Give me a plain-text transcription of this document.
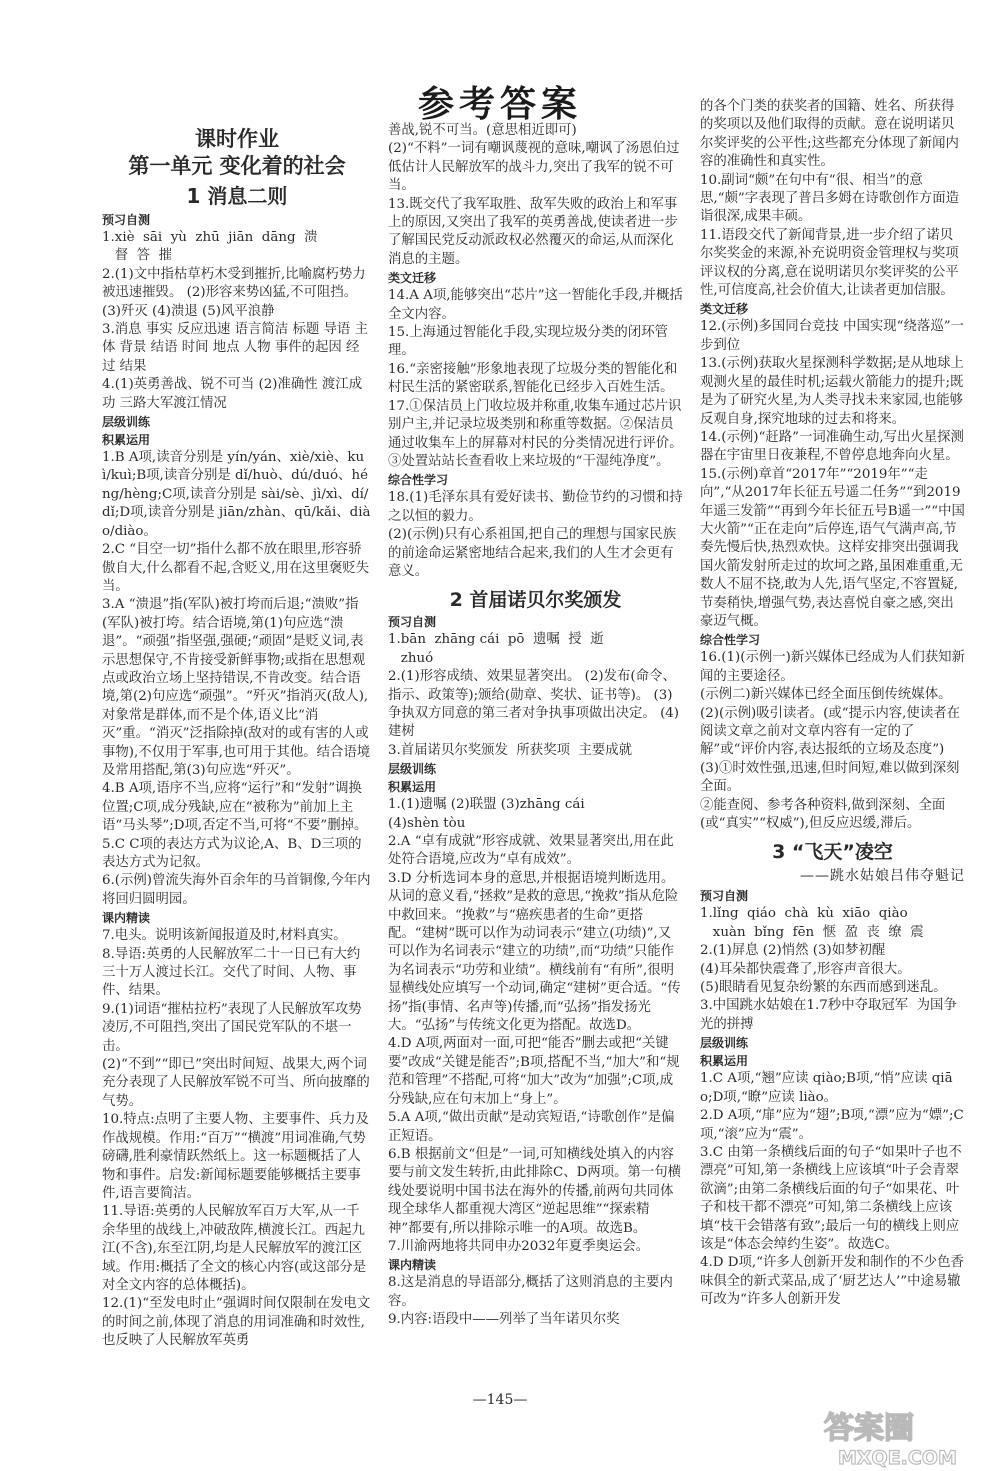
参考答案
课时作业
第一单元 变化着的社会
1 消息二则
预习自测
1.xiè  sāi  yù  zhū  jiān  dāng  溃
督  答  摧
2.(1)文中指枯草朽木受到摧折,比喻腐朽势力被迅速摧毁。 (2)形容来势凶猛,不可阻挡。 (3)歼灭 (4)溃退 (5)风平浪静
3.消息 事实 反应迅速 语言简洁 标题 导语 主体 背景 结语 时间 地点 人物 事件的起因 经过 结果
4.(1)英勇善战、锐不可当 (2)准确性 渡江成功 三路大军渡江情况
层级训练
积累运用
1.B A项,读音分别是 yín/yán、xiè/xiè、kuì/kuì;B项,读音分别是 dǐ/huò、dú/duó、héng/hèng;C项,读音分别是 sài/sè、jì/xì、dí/dǐ;D项,读音分别是 jiān/zhàn、qū/kǎi、diào/diào。
2.C “目空一切”指什么都不放在眼里,形容骄傲自大,什么都看不起,含贬义,用在这里褒贬失当。
3.A “溃退”指(军队)被打垮而后退;“溃败”指(军队)被打垮。结合语境,第(1)句应选“溃退”。“顽强”指坚强,强硬;“顽固”是贬义词,表示思想保守,不肯接受新鲜事物;或指在思想观点或政治立场上坚持错误,不肯改变。结合语境,第(2)句应选“顽强”。“歼灭”指消灭(敌人),对象常是群体,而不是个体,语义比“消灭”重。“消灭”泛指除掉(敌对的或有害的人或事物),不仅用于军事,也可用于其他。结合语境及常用搭配,第(3)句应选“歼灭”。
4.B A项,语序不当,应将“运行”和“发射”调换位置;C项,成分残缺,应在“被称为”前加上主语“马头琴”;D项,否定不当,可将“不要”删掉。
5.C C项的表达方式为议论,A、B、D三项的表达方式为记叙。
6.(示例)曾流失海外百余年的马首铜像,今年内将回归圆明园。
课内精读
7.电头。说明该新闻报道及时,材料真实。
8.导语:英勇的人民解放军二十一日已有大约三十万人渡过长江。交代了时间、人物、事件、结果。
9.(1)词语“摧枯拉朽”表现了人民解放军攻势凌厉,不可阻挡,突出了国民党军队的不堪一击。
(2)“不到”“即已”突出时间短、战果大,两个词充分表现了人民解放军锐不可当、所向披靡的气势。
10.特点:点明了主要人物、主要事件、兵力及作战规模。作用:“百万”“横渡”用词准确,气势磅礴,胜利豪情跃然纸上。这一标题概括了人物和事件。启发:新闻标题要能够概括主要事件,语言要简洁。
11.导语:英勇的人民解放军百万大军,从一千余华里的战线上,冲破敌阵,横渡长江。西起九江(不含),东至江阴,均是人民解放军的渡江区域。作用:概括了全文的核心内容(或这部分是对全文内容的总体概括)。
12.(1)“至发电时止”强调时间仅限制在发电文的时间之前,体现了消息的用词准确和时效性,也反映了人民解放军英勇
善战,锐不可当。(意思相近即可)
(2)“不料”一词有嘲讽蔑视的意味,嘲讽了汤恩伯过低估计人民解放军的战斗力,突出了我军的锐不可当。
13.既交代了我军取胜、敌军失败的政治上和军事上的原因,又突出了我军的英勇善战,使读者进一步了解国民党反动派政权必然覆灭的命运,从而深化消息的主题。
类文迁移
14.A A项,能够突出“芯片”这一智能化手段,并概括全文内容。
15.上海通过智能化手段,实现垃圾分类的闭环管理。
16.“亲密接触”形象地表现了垃圾分类的智能化和村民生活的紧密联系,智能化已经步入百姓生活。
17.①保洁员上门收垃圾并称重,收集车通过芯片识别户主,并记录垃圾类别和称重等数据。②保洁员通过收集车上的屏幕对村民的分类情况进行评价。③处置站站长查看收上来垃圾的“干湿纯净度”。
综合性学习
18.(1)毛泽东具有爱好读书、勤俭节约的习惯和持之以恒的毅力。
(2)(示例)只有心系祖国,把自己的理想与国家民族的前途命运紧密地结合起来,我们的人生才会更有意义。
2 首届诺贝尔奖颁发
预习自测
1.bān  zhāng cái  pō  遗嘱  授  逝
zhuó
2.(1)形容成绩、效果显著突出。 (2)发布(命令、指示、政策等);颁给(勋章、奖状、证书等)。 (3)争执双方同意的第三者对争执事项做出决定。 (4)建树
3.首届诺贝尔奖颁发  所获奖项  主要成就
层级训练
积累运用
1.(1)遗嘱 (2)联盟 (3)zhāng cái
(4)shèn tòu
2.A “卓有成就”形容成就、效果显著突出,用在此处符合语境,应改为“卓有成效”。
3.D 分析选词本身的意思,并根据语境判断选用。从词的意义看,“拯救”是救的意思,“挽救”指从危险中救回来。“挽救”与“癌疾患者的生命”更搭配。“建树”既可以作为动词表示“建立(功绩)”,又可以作为名词表示“建立的功绩”,而“功绩”只能作为名词表示“功劳和业绩”。横线前有“有所”,很明显横线处应填写一个动词,确定“建树”更合适。“传扬”指(事情、名声等)传播,而“弘扬”指发扬光大。“弘扬”与传统文化更为搭配。故选D。
4.D A项,两面对一面,可把“能否”删去或把“关键要”改成“关键是能否”;B项,搭配不当,“加大”和“规范和管理”不搭配,可将“加大”改为“加强”;C项,成分残缺,应在句末加上“身上”。
5.A A项,“做出贡献”是动宾短语,“诗歌创作”是偏正短语。
6.B 根据前文“但是”一词,可知横线处填入的内容要与前文发生转折,由此排除C、D两项。第一句横线处要说明中国书法在海外的传播,前两句共同体现全球华人都重视大湾区“逆起思维”“探索精神”都要有,所以排除示唯一的A项。故选B。
7.川渝两地将共同申办2032年夏季奥运会。
课内精读
8.这是消息的导语部分,概括了这则消息的主要内容。
9.内容:语段中——列举了当年诺贝尔奖
的各个门类的获奖者的国籍、姓名、所获得的奖项以及他们取得的贡献。意在说明诺贝尔奖评奖的公平性;这些都充分体现了新闻内容的准确性和真实性。
10.副词“颇”在句中有“很、相当”的意思,“颇”字表现了普吕多姆在诗歌创作方面造诣很深,成果丰硕。
11.语段交代了新闻背景,进一步介绍了诺贝尔奖奖金的来源,补充说明资金管理权与奖项评议权的分离,意在说明诺贝尔奖评奖的公平性,可信度高,社会价值大,让读者更加信服。
类文迁移
12.(示例)多国同台竞技 中国实现“绕落巡”一步到位
13.(示例)获取火星探测科学数据;是从地球上观测火星的最佳时机;运载火箭能力的提升;既是为了研究火星,为人类寻找未来家园,也能够反观自身,探究地球的过去和将来。
14.(示例)“赶路”一词准确生动,写出火星探测器在宇宙里日夜兼程,不曾停息地奔向火星。
15.(示例)章首“2017年”“2019年”“走向”,“从2017年长征五号遥二任务”“到2019年遥三发箭”“再到今年长征五号B遥一”“中国大火箭”“正在走向”后停连,语气气满声高,节奏先慢后快,热烈欢快。这样安排突出强调我国火箭发射所走过的坎坷之路,虽困难重重,无数人不屈不挠,敢为人先,语气坚定,不容置疑,节奏稍快,增强气势,表达喜悦自豪之感,突出豪迈气概。
综合性学习
16.(1)(示例一)新兴媒体已经成为人们获知新闻的主要途径。
(示例二)新兴媒体已经全面压倒传统媒体。
(2)(示例)吸引读者。(或“提示内容,使读者在阅读文章之前对文章内容有一定的了解”或“评价内容,表达报纸的立场及态度”)
(3)①时效性强,迅速,但时间短,难以做到深刻全面。
②能查阅、参考各种资料,做到深刻、全面(或“真实”“权威”),但反应迟缓,滞后。
3 “飞天”凌空
——跳水姑娘吕伟夺魁记
预习自测
1.lǐng  qiáo  chà  kù  xiāo  qiào
xuàn  bǐng  fēn  惬  盈  丧  缭  震
2.(1)屏息 (2)悄然 (3)如梦初醒
(4)耳朵都快震聋了,形容声音很大。
(5)眼睛看见复杂纷繁的东西而感到迷乱。
3.中国跳水姑娘在1.7秒中夺取冠军  为国争光的拼搏
层级训练
积累运用
1.C A项,“翘”应读 qiào;B项,“悄”应读 qiāo;D项,“瞭”应读 liào。
2.D A项,“扉”应为“翅”;B项,“漂”应为“嫖”;C项,“滚”应为“震”。
3.C 由第一条横线后面的句子“如果叶子也不漂亮”可知,第一条横线上应该填“叶子会青翠欲滴”;由第二条横线后面的句子“如果花、叶子和枝干都不漂亮”可知,第二条横线上应该填“枝干会错落有致”;最后一句的横线上则应该是“体态会绰约生姿”。故选C。
4.D D项,“许多人创新开发和制作的不少色香味俱全的新式菜品,成了‘厨艺达人’”中途易辙可改为“许多人创新开发
—145—
答案圈
MXQE.COM
